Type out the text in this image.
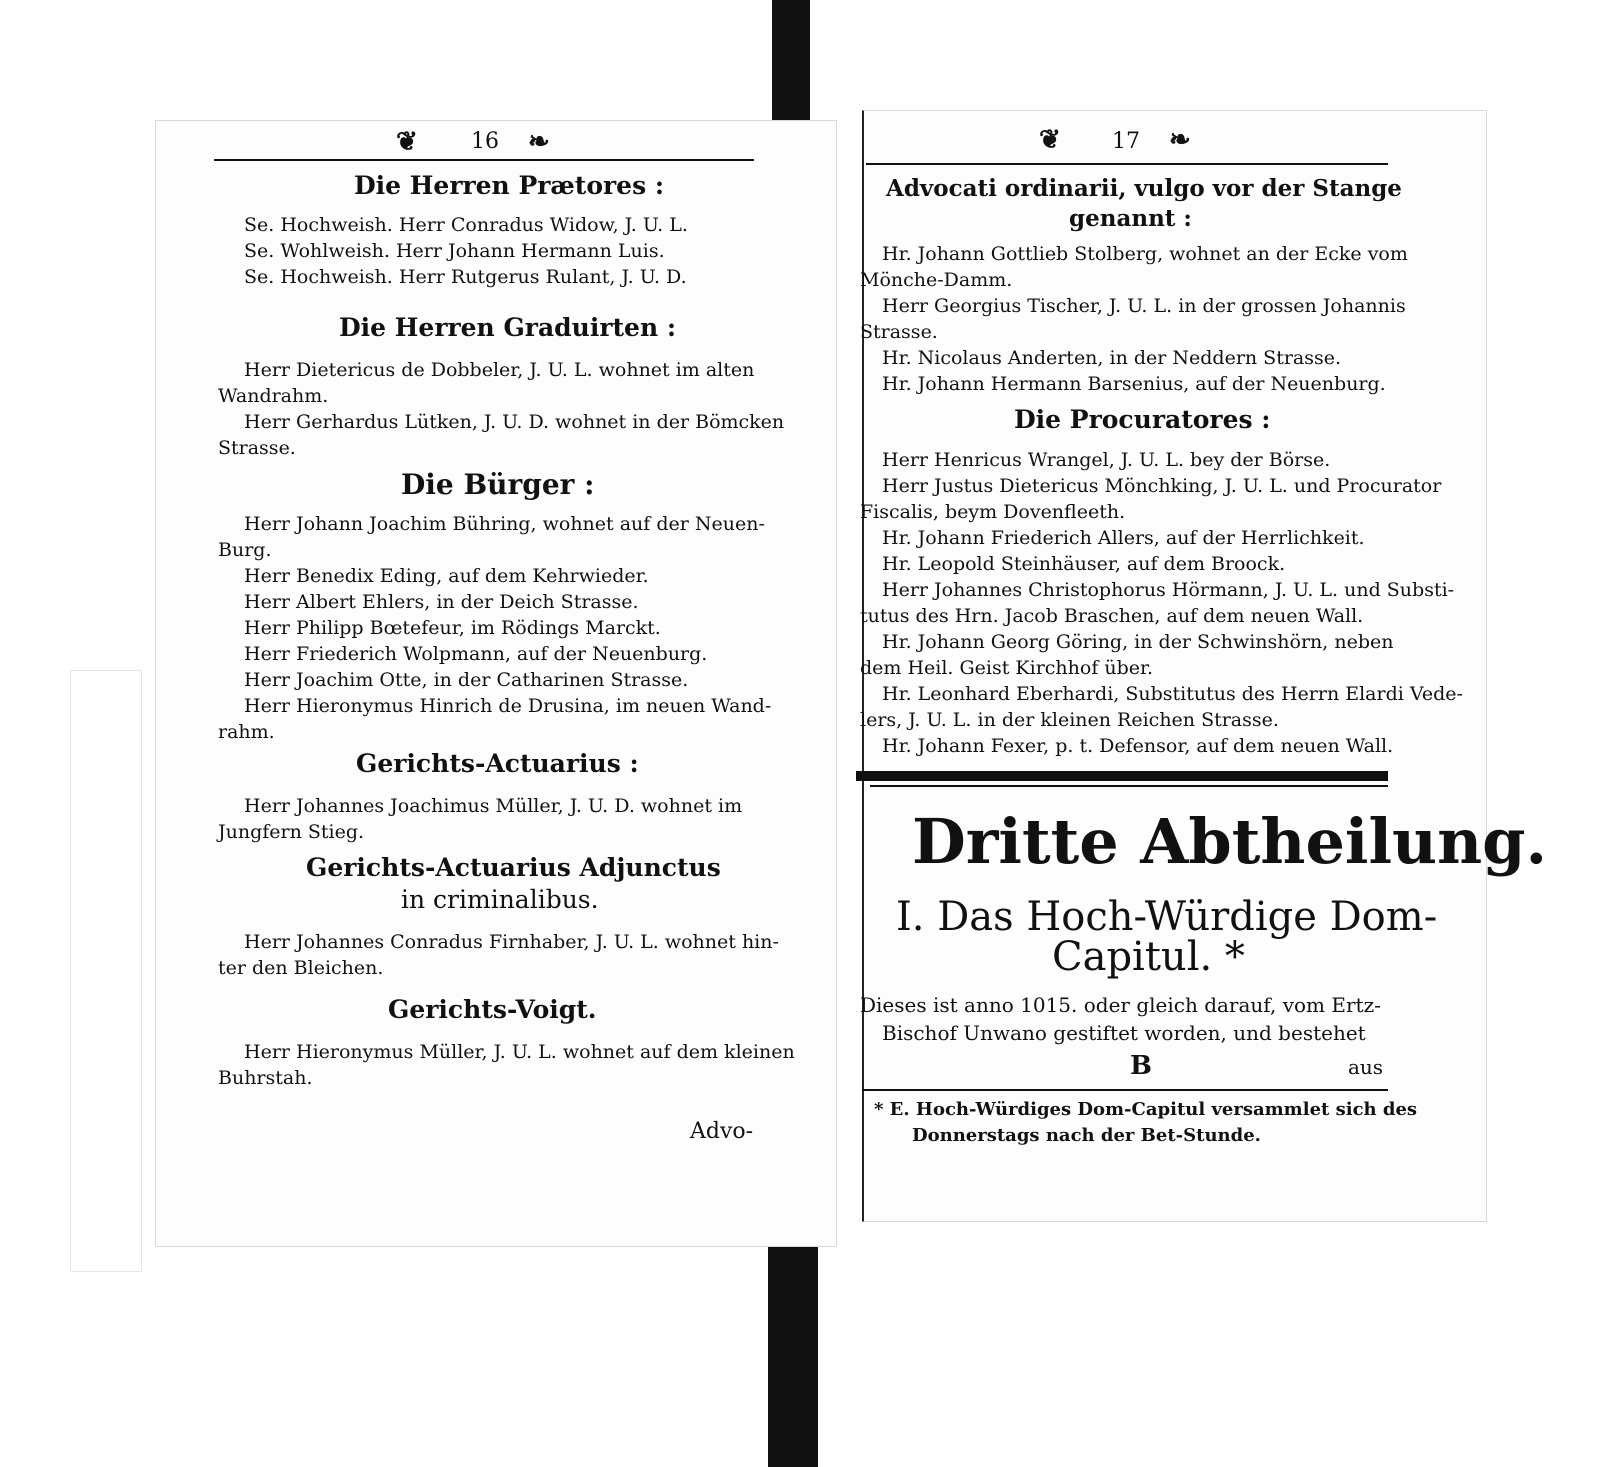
❦	16 ❧
Die Herren Prætores :
Se. Hochweish. Herr Conradus Widow, J. U. L.
Se. Wohlweish. Herr Johann Hermann Luis.
Se. Hochweish. Herr Rutgerus Rulant, J. U. D.
Die Herren Graduirten :
Herr Dietericus de Dobbeler, J. U. L. wohnet im alten
Wandrahm.
Herr Gerhardus Lütken, J. U. D. wohnet in der Bömcken
Strasse.
Die Bürger :
Herr Johann Joachim Bühring, wohnet auf der Neuen-
Burg.
Herr Benedix Eding, auf dem Kehrwieder.
Herr Albert Ehlers, in der Deich Strasse.
Herr Philipp Bœtefeur, im Rödings Marckt.
Herr Friederich Wolpmann, auf der Neuenburg.
Herr Joachim Otte, in der Catharinen Strasse.
Herr Hieronymus Hinrich de Drusina, im neuen Wand-
rahm.
Gerichts-Actuarius :
Herr Johannes Joachimus Müller, J. U. D. wohnet im
Jungfern Stieg.
Gerichts-Actuarius Adjunctus
in criminalibus.
Herr Johannes Conradus Firnhaber, J. U. L. wohnet hin-
ter den Bleichen.
Gerichts-Voigt.
Herr Hieronymus Müller, J. U. L. wohnet auf dem kleinen
Buhrstah.
Advo-
❦ 17 ❧
Advocati ordinarii, vulgo vor der Stange
genannt :
Hr. Johann Gottlieb Stolberg, wohnet an der Ecke vom
Mönche-Damm.
Herr Georgius Tischer, J. U. L. in der grossen Johannis
Strasse.
Hr. Nicolaus Anderten, in der Neddern Strasse.
Hr. Johann Hermann Barsenius, auf der Neuenburg.
Die Procuratores :
Herr Henricus Wrangel, J. U. L. bey der Börse.
Herr Justus Dietericus Mönchking, J. U. L. und Procurator
Fiscalis, beym Dovenfleeth.
Hr. Johann Friederich Allers, auf der Herrlichkeit.
Hr. Leopold Steinhäuser, auf dem Broock.
Herr Johannes Christophorus Hörmann, J. U. L. und Substi-
tutus des Hrn. Jacob Braschen, auf dem neuen Wall.
Hr. Johann Georg Göring, in der Schwinshörn, neben
dem Heil. Geist Kirchhof über.
Hr. Leonhard Eberhardi, Substitutus des Herrn Elardi Vede-
lers, J. U. L. in der kleinen Reichen Strasse.
Hr. Johann Fexer, p. t. Defensor, auf dem neuen Wall.
Dritte Abtheilung.
I. Das Hoch-Würdige Dom-
Capitul. *
Dieses ist anno 1015. oder gleich darauf, vom Ertz-
Bischof Unwano gestiftet worden, und bestehet
B	aus
* E. Hoch-Würdiges Dom-Capitul versammlet sich des
Donnerstags nach der Bet-Stunde.
